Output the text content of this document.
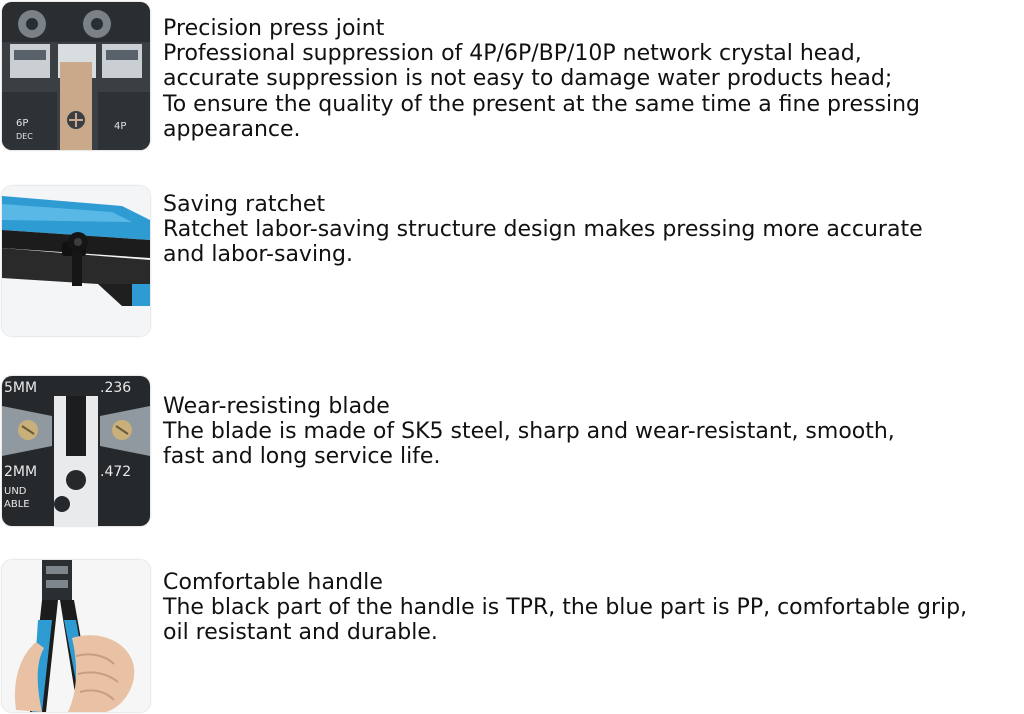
6P
DEC
4P
Precision press joint
Professional suppression of 4P/6P/BP/10P network crystal head,
accurate suppression is not easy to damage water products head;
To ensure the quality of the present at the same time a fine pressing
appearance.
Saving ratchet
Ratchet labor-saving structure design makes pressing more accurate
and labor-saving.
5MM	.236
2MM	.472
UND
ABLE
Wear-resisting blade
The blade is made of SK5 steel, sharp and wear-resistant, smooth,
fast and long service life.
Comfortable handle
The black part of the handle is TPR, the blue part is PP, comfortable grip,
oil resistant and durable.
